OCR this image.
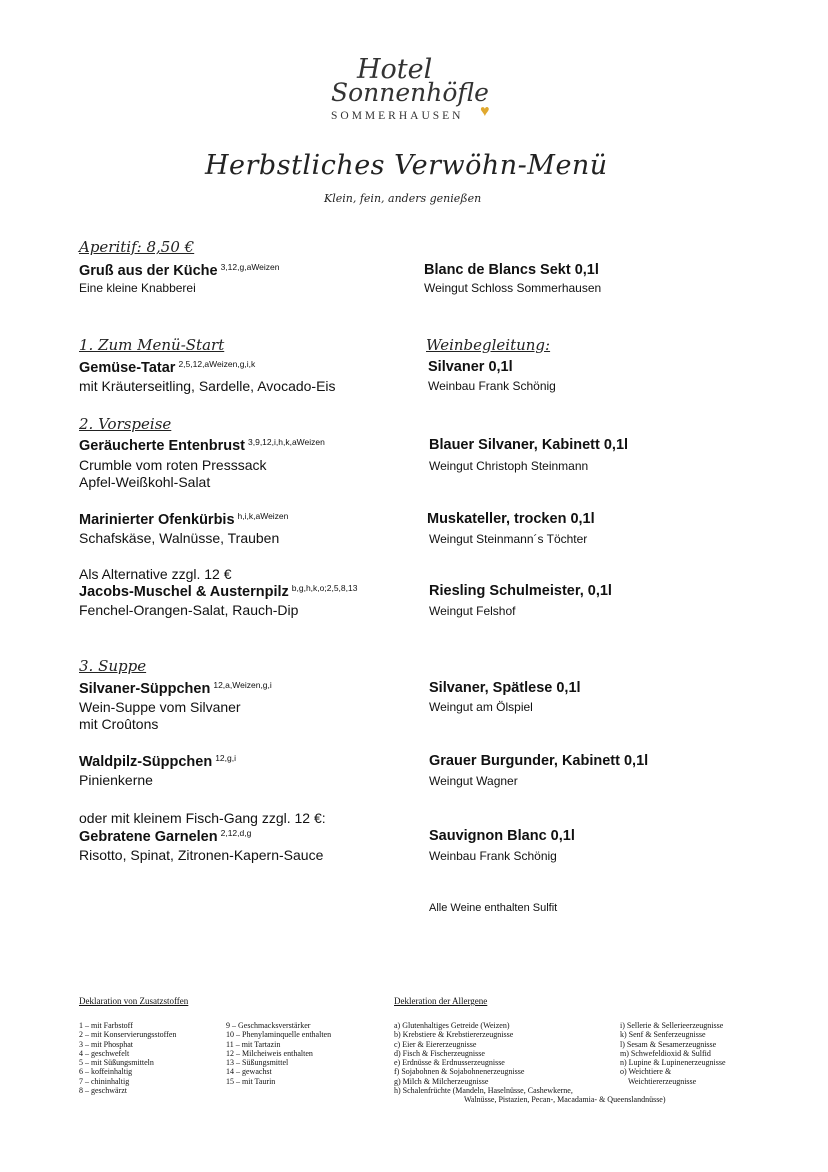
Hotel
Sonnenhöfle
♥
SOMMERHAUSEN
Herbstliches Verwöhn-Menü
Klein, fein, anders genießen
Aperitif: 8,50 €
Gruß aus der Küche $^{3,12,g,aWeizen}$
Eine kleine Knabberei
Blanc de Blancs Sekt 0,1l
Weingut Schloss Sommerhausen
1. Zum Menü-Start	Weinbegleitung:
Gemüse-Tatar $^{2,5,12,aWeizen,g,i,k}$
mit Kräuterseitling, Sardelle, Avocado-Eis
Silvaner 0,1l
Weinbau Frank Schönig
2. Vorspeise
Geräucherte Entenbrust $^{3,9,12,i,h,k,aWeizen}$
Crumble vom roten Presssack
Apfel-Weißkohl-Salat
Blauer Silvaner, Kabinett 0,1l
Weingut Christoph Steinmann
Marinierter Ofenkürbis $^{h,i,k,aWeizen}$
Schafskäse, Walnüsse, Trauben
Muskateller, trocken 0,1l
Weingut Steinmann´s Töchter
Als Alternative zzgl. 12 €
Jacobs-Muschel & Austernpilz $^{b,g,h,k,o;2,5,8,13}$
Fenchel-Orangen-Salat, Rauch-Dip
Riesling Schulmeister, 0,1l
Weingut Felshof
3. Suppe
Silvaner-Süppchen $^{12,a,Weizen,g,i}$
Wein-Suppe vom Silvaner
mit Croûtons
Silvaner, Spätlese 0,1l
Weingut am Ölspiel
Waldpilz-Süppchen $^{12,g,i}$
Pinienkerne
Grauer Burgunder, Kabinett 0,1l
Weingut Wagner
oder mit kleinem Fisch-Gang zzgl. 12 €:
Gebratene Garnelen $^{2,12,d,g}$
Risotto, Spinat, Zitronen-Kapern-Sauce
Sauvignon Blanc 0,1l
Weinbau Frank Schönig
Alle Weine enthalten Sulfit
Deklaration von Zusatzstoffen
1 – mit Farbstoff
2 – mit Konservierungsstoffen
3 – mit Phosphat
4 – geschwefelt
5 – mit Süßungsmitteln
6 – koffeinhaltig
7 – chininhaltig
8 – geschwärzt
9 – Geschmacksverstärker
10 – Phenylaminquelle enthalten
11 – mit Tartazin
12 – Milcheiweis enthalten
13 – Süßungsmittel
14 – gewachst
15 – mit Taurin
Dekleration der Allergene
a) Glutenhaltiges Getreide (Weizen)
b) Krebstiere & Krebstiererzeugnisse
c) Eier & Eiererzeugnisse
d) Fisch & Fischerzeugnisse
e) Erdnüsse & Erdnusserzeugnisse
f) Sojabohnen & Sojabohnenerzeugnisse
g) Milch & Milcherzeugnisse
h) Schalenfrüchte (Mandeln, Haselnüsse, Cashewkerne,
Walnüsse, Pistazien, Pecan-, Macadamia- & Queenslandnüsse)
i) Sellerie & Sellerieerzeugnisse
k) Senf & Senferzeugnisse
l) Sesam & Sesamerzeugnisse
m) Schwefeldioxid & Sulfid
n) Lupine & Lupinenerzeugnisse
o) Weichtiere &
Weichtiererzeugnisse
